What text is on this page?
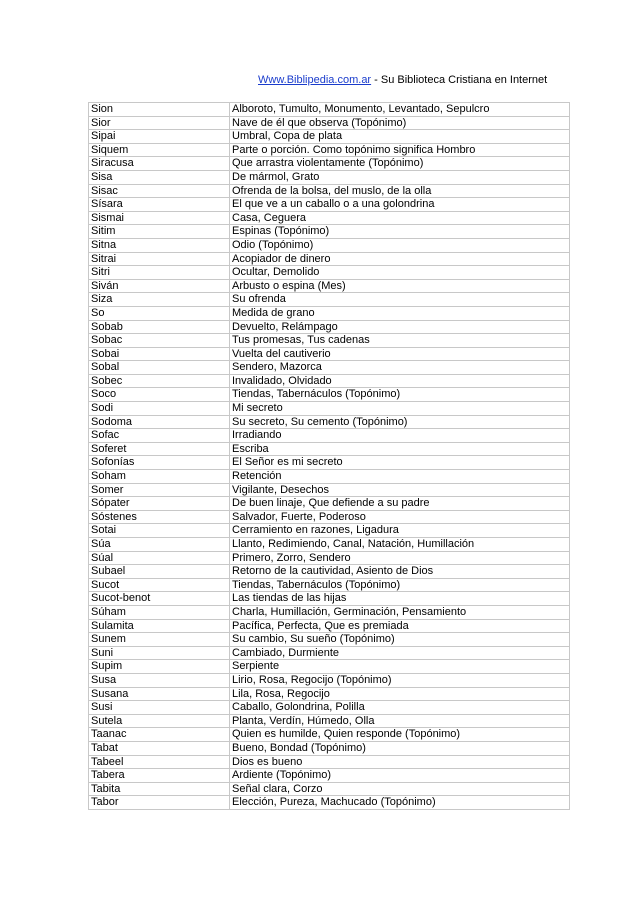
Www.Biblipedia.com.ar - Su Biblioteca Cristiana en Internet
Sion	Alboroto, Tumulto, Monumento, Levantado, Sepulcro
Sior	Nave de él que observa (Topónimo)
Sipai	Umbral, Copa de plata
Siquem	Parte o porción. Como topónimo significa Hombro
Siracusa	Que arrastra violentamente (Topónimo)
Sisa	De mármol, Grato
Sisac	Ofrenda de la bolsa, del muslo, de la olla
Sísara	El que ve a un caballo o a una golondrina
Sismai	Casa, Ceguera
Sitim	Espinas (Topónimo)
Sitna	Odio (Topónimo)
Sitrai	Acopiador de dinero
Sitri	Ocultar, Demolido
Siván	Arbusto o espina (Mes)
Siza	Su ofrenda
So	Medida de grano
Sobab	Devuelto, Relámpago
Sobac	Tus promesas, Tus cadenas
Sobai	Vuelta del cautiverio
Sobal	Sendero, Mazorca
Sobec	Invalidado, Olvidado
Soco	Tiendas, Tabernáculos (Topónimo)
Sodi	Mi secreto
Sodoma	Su secreto, Su cemento (Topónimo)
Sofac	Irradiando
Soferet	Escriba
Sofonías	El Señor es mi secreto
Soham	Retención
Somer	Vigilante, Desechos
Sópater	De buen linaje, Que defiende a su padre
Sóstenes	Salvador, Fuerte, Poderoso
Sotai	Cerramiento en razones, Ligadura
Súa	Llanto, Redimiendo, Canal, Natación, Humillación
Súal	Primero, Zorro, Sendero
Subael	Retorno de la cautividad, Asiento de Dios
Sucot	Tiendas, Tabernáculos (Topónimo)
Sucot-benot	Las tiendas de las hijas
Súham	Charla, Humillación, Germinación, Pensamiento
Sulamita	Pacífica, Perfecta, Que es premiada
Sunem	Su cambio, Su sueño (Topónimo)
Suni	Cambiado, Durmiente
Supim	Serpiente
Susa	Lirio, Rosa, Regocijo (Topónimo)
Susana	Lila, Rosa, Regocijo
Susi	Caballo, Golondrina, Polilla
Sutela	Planta, Verdín, Húmedo, Olla
Taanac	Quien es humilde, Quien responde (Topónimo)
Tabat	Bueno, Bondad (Topónimo)
Tabeel	Dios es bueno
Tabera	Ardiente (Topónimo)
Tabita	Señal clara, Corzo
Tabor	Elección, Pureza, Machucado (Topónimo)
